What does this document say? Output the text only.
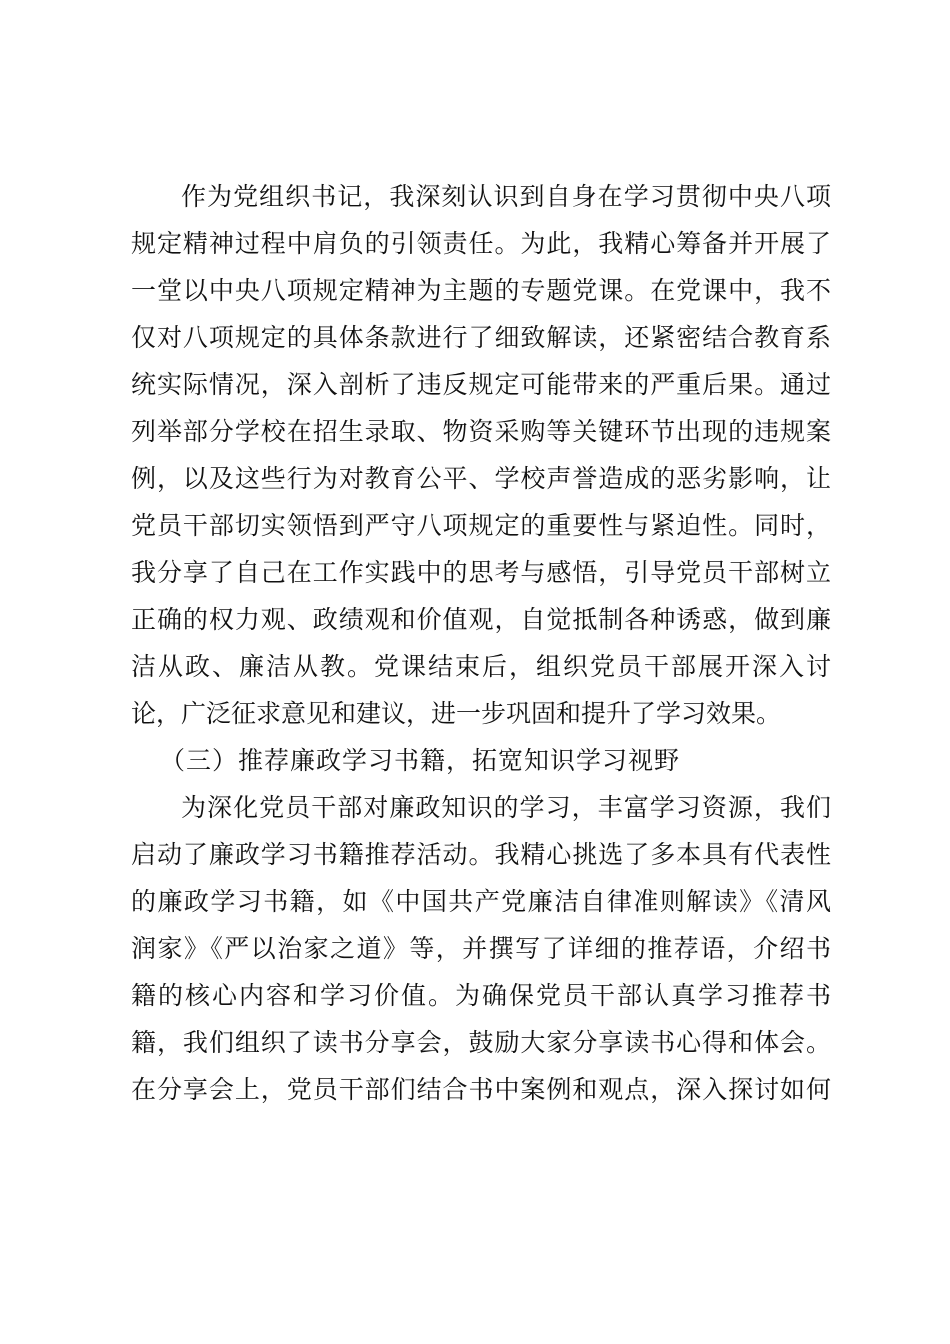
作为党组织书记，我深刻认识到自身在学习贯彻中央八项
规定精神过程中肩负的引领责任。为此，我精心筹备并开展了
一堂以中央八项规定精神为主题的专题党课。在党课中，我不
仅对八项规定的具体条款进行了细致解读，还紧密结合教育系
统实际情况，深入剖析了违反规定可能带来的严重后果。通过
列举部分学校在招生录取、物资采购等关键环节出现的违规案
例，以及这些行为对教育公平、学校声誉造成的恶劣影响，让
党员干部切实领悟到严守八项规定的重要性与紧迫性。同时，
我分享了自己在工作实践中的思考与感悟，引导党员干部树立
正确的权力观、政绩观和价值观，自觉抵制各种诱惑，做到廉
洁从政、廉洁从教。党课结束后，组织党员干部展开深入讨
论，广泛征求意见和建议，进一步巩固和提升了学习效果。
（三）推荐廉政学习书籍，拓宽知识学习视野
为深化党员干部对廉政知识的学习，丰富学习资源，我们
启动了廉政学习书籍推荐活动。我精心挑选了多本具有代表性
的廉政学习书籍，如《中国共产党廉洁自律准则解读》《清风
润家》《严以治家之道》等，并撰写了详细的推荐语，介绍书
籍的核心内容和学习价值。为确保党员干部认真学习推荐书
籍，我们组织了读书分享会，鼓励大家分享读书心得和体会。
在分享会上，党员干部们结合书中案例和观点，深入探讨如何
